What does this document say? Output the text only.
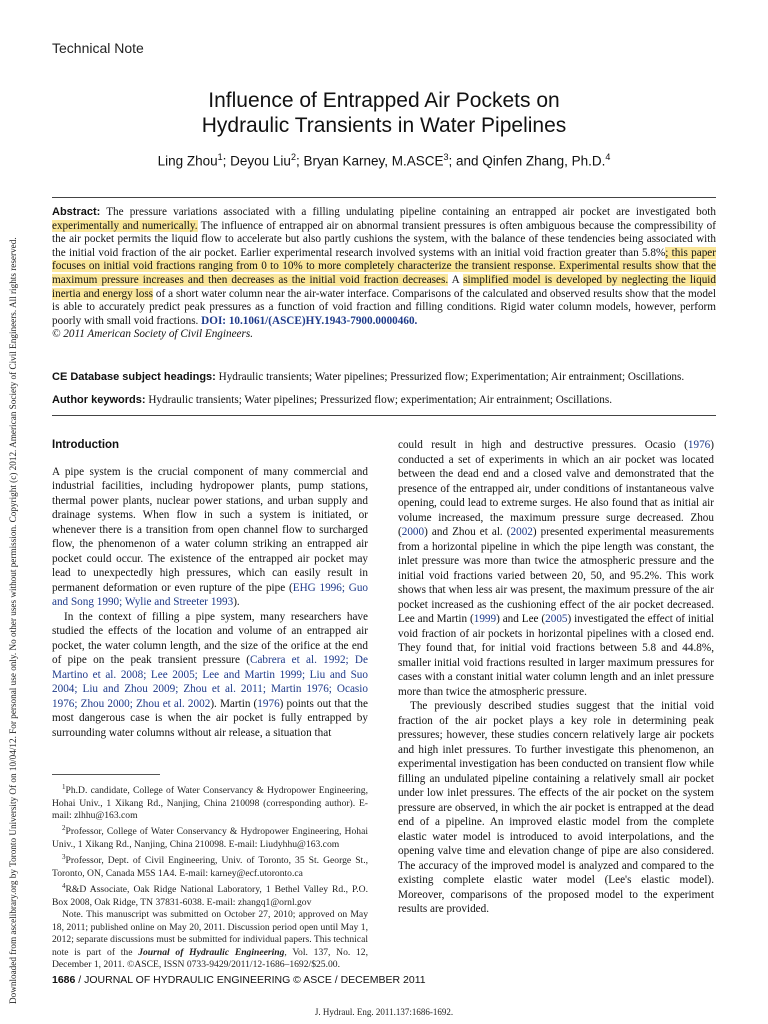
Downloaded from ascelibrary.org by Toronto University Of on 10/04/12. For personal use only. No other uses without permission. Copyright (c) 2012. American Society of Civil Engineers. All rights reserved.
Technical Note
Influence of Entrapped Air Pockets on
Hydraulic Transients in Water Pipelines
Ling Zhou$^1$; Deyou Liu$^2$; Bryan Karney, M.ASCE$^3$; and Qinfen Zhang, Ph.D.$^4$
Abstract: The pressure variations associated with a filling undulating pipeline containing an entrapped air pocket are investigated both experimentally and numerically. The influence of entrapped air on abnormal transient pressures is often ambiguous because the compressibility of the air pocket permits the liquid flow to accelerate but also partly cushions the system, with the balance of these tendencies being associated with the initial void fraction of the air pocket. Earlier experimental research involved systems with an initial void fraction greater than 5.8%; this paper focuses on initial void fractions ranging from 0 to 10% to more completely characterize the transient response. Experimental results show that the maximum pressure increases and then decreases as the initial void fraction decreases. A simplified model is developed by neglecting the liquid inertia and energy loss of a short water column near the air-water interface. Comparisons of the calculated and observed results show that the model is able to accurately predict peak pressures as a function of void fraction and filling conditions. Rigid water column models, however, perform poorly with small void fractions. DOI: 10.1061/(ASCE)HY.1943-7900.0000460.
© 2011 American Society of Civil Engineers.
CE Database subject headings: Hydraulic transients; Water pipelines; Pressurized flow; Experimentation; Air entrainment; Oscillations.
Author keywords: Hydraulic transients; Water pipelines; Pressurized flow; experimentation; Air entrainment; Oscillations.
Introduction

A pipe system is the crucial component of many commercial and industrial facilities, including hydropower plants, pump stations, thermal power plants, nuclear power stations, and urban supply and drainage systems. When flow in such a system is initiated, or whenever there is a transition from open channel flow to surcharged flow, the phenomenon of a water column striking an entrapped air pocket could occur. The existence of the entrapped air pocket may lead to unexpectedly high pressures, which can easily result in permanent deformation or even rupture of the pipe (EHG 1996; Guo and Song 1990; Wylie and Streeter 1993).

In the context of filling a pipe system, many researchers have studied the effects of the location and volume of an entrapped air pocket, the water column length, and the size of the orifice at the end of pipe on the peak transient pressure (Cabrera et al. 1992; De Martino et al. 2008; Lee 2005; Lee and Martin 1999; Liu and Suo 2004; Liu and Zhou 2009; Zhou et al. 2011; Martin 1976; Ocasio 1976; Zhou 2000; Zhou et al. 2002). Martin (1976) points out that the most dangerous case is when the air pocket is fully entrapped by surrounding water columns without air release, a situation that

$^1$Ph.D. candidate, College of Water Conservancy & Hydropower Engineering, Hohai Univ., 1 Xikang Rd., Nanjing, China 210098 (corresponding author). E-mail: zlhhu@163.com

$^2$Professor, College of Water Conservancy & Hydropower Engineering, Hohai Univ., 1 Xikang Rd., Nanjing, China 210098. E-mail: Liudyhhu@163.com

$^3$Professor, Dept. of Civil Engineering, Univ. of Toronto, 35 St. George St., Toronto, ON, Canada M5S 1A4. E-mail: karney@ecf.utoronto.ca

$^4$R&D Associate, Oak Ridge National Laboratory, 1 Bethel Valley Rd., P.O. Box 2008, Oak Ridge, TN 37831-6038. E-mail: zhangq1@ornl.gov

Note. This manuscript was submitted on October 27, 2010; approved on May 18, 2011; published online on May 20, 2011. Discussion period open until May 1, 2012; separate discussions must be submitted for individual papers. This technical note is part of the Journal of Hydraulic Engineering, Vol. 137, No. 12, December 1, 2011. ©ASCE, ISSN 0733-9429/2011/12-1686–1692/$25.00.

could result in high and destructive pressures. Ocasio (1976) conducted a set of experiments in which an air pocket was located between the dead end and a closed valve and demonstrated that the presence of the entrapped air, under conditions of instantaneous valve opening, could lead to extreme surges. He also found that as initial air volume increased, the maximum pressure surge decreased. Zhou (2000) and Zhou et al. (2002) presented experimental measurements from a horizontal pipeline in which the pipe length was constant, the inlet pressure was more than twice the atmospheric pressure and the initial void fractions varied between 20, 50, and 95.2%. This work shows that when less air was present, the maximum pressure of the air pocket increased as the cushioning effect of the air pocket decreased. Lee and Martin (1999) and Lee (2005) investigated the effect of initial void fraction of air pockets in horizontal pipelines with a closed end. They found that, for initial void fractions between 5.8 and 44.8%, smaller initial void fractions resulted in larger maximum pressures for cases with a constant initial water column length and an inlet pressure more than twice the atmospheric pressure.

The previously described studies suggest that the initial void fraction of the air pocket plays a key role in determining peak pressures; however, these studies concern relatively large air pockets and high inlet pressures. To further investigate this phenomenon, an experimental investigation has been conducted on transient flow while filling an undulated pipeline containing a relatively small air pocket under low inlet pressures. The effects of the air pocket on the system pressure are observed, in which the air pocket is entrapped at the dead end of a pipeline. An improved elastic model from the complete elastic water model is introduced to avoid interpolations, and the opening valve time and elevation change of pipe are also considered. The accuracy of the improved model is analyzed and compared to the existing complete elastic water model (Lee's elastic model). Moreover, comparisons of the proposed model to the experiment results are provided.

1686 / JOURNAL OF HYDRAULIC ENGINEERING © ASCE / DECEMBER 2011
J. Hydraul. Eng. 2011.137:1686-1692.
